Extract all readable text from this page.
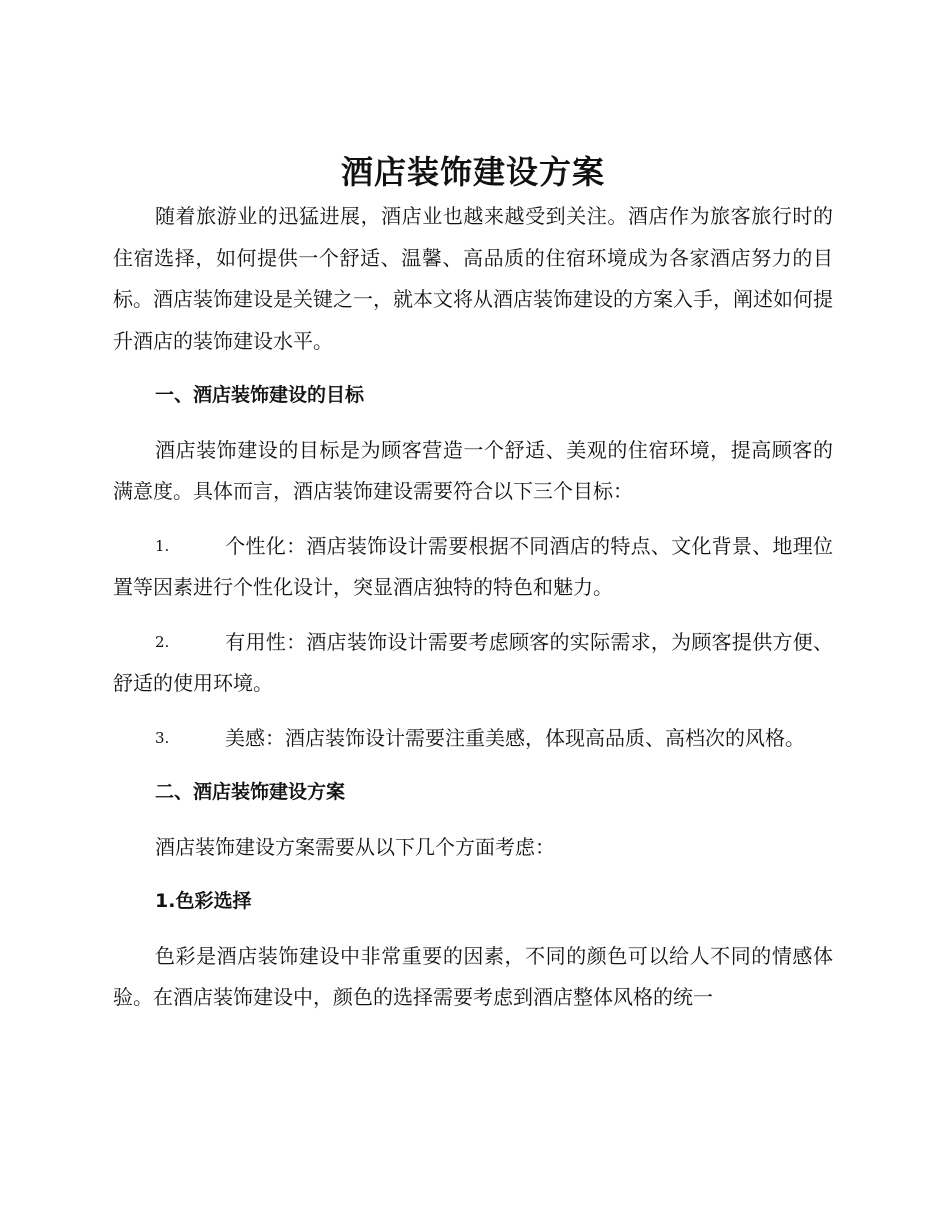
酒店装饰建设方案

随着旅游业的迅猛进展，酒店业也越来越受到关注。酒店作为旅客旅行时的住宿选择，如何提供一个舒适、温馨、高品质的住宿环境成为各家酒店努力的目标。酒店装饰建设是关键之一，就本文将从酒店装饰建设的方案入手，阐述如何提升酒店的装饰建设水平。

一、酒店装饰建设的目标

酒店装饰建设的目标是为顾客营造一个舒适、美观的住宿环境，提高顾客的满意度。具体而言，酒店装饰建设需要符合以下三个目标：

1.	个性化：酒店装饰设计需要根据不同酒店的特点、文化背景、地理位置等因素进行个性化设计，突显酒店独特的特色和魅力。

2.	有用性：酒店装饰设计需要考虑顾客的实际需求，为顾客提供方便、舒适的使用环境。

3.	美感：酒店装饰设计需要注重美感，体现高品质、高档次的风格。

二、酒店装饰建设方案

酒店装饰建设方案需要从以下几个方面考虑：

1.色彩选择

色彩是酒店装饰建设中非常重要的因素，不同的颜色可以给人不同的情感体验。在酒店装饰建设中，颜色的选择需要考虑到酒店整体风格的统一
